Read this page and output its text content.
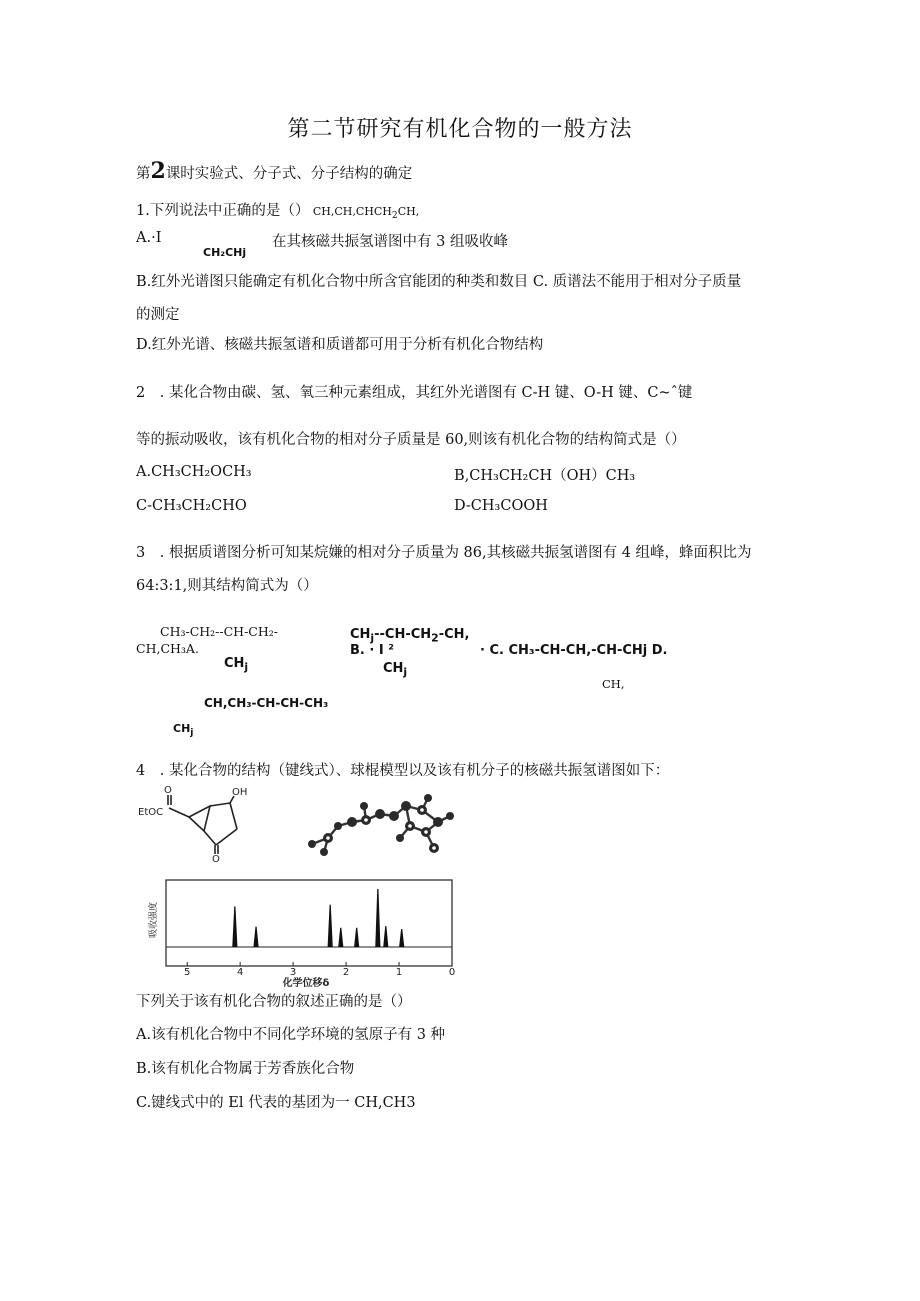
第二节研究有机化合物的一般方法
第2课时实验式、分子式、分子结构的确定
1.下列说法中正确的是（） $CH,CH,CHCH_2CH$,
A.·I
CH₂CHj
在其核磁共振氢谱图中有 3 组吸收峰
B.红外光谱图只能确定有机化合物中所含官能团的种类和数目 C. 质谱法不能用于相对分子质量
的测定
D.红外光谱、核磁共振氢谱和质谱都可用于分析有机化合物结构
2　. 某化合物由碳、氢、氧三种元素组成，其红外光谱图有 C-H 键、O-H 键、C~ˆ键
等的振动吸收，该有机化合物的相对分子质量是 60,则该有机化合物的结构简式是（）
A.CH₃CH₂OCH₃	B,CH₃CH₂CH（OH）CH₃
C-CH₃CH₂CHO	D-CH₃COOH
3　. 根据质谱图分析可知某烷嫌的相对分子质量为 86,其核磁共振氢谱图有 4 组峰，蜂面积比为
64:3:1,则其结构简式为（）
CH₃-CH₂--CH-CH₂-
CH,CH₃A.
$CH_j$
$CH_j--CH-CH_2-CH$,
B. · I ²
$CH_j$
· C. CH₃-CH-CH,-CH-CHj D.
CH,
CH,CH₃-CH-CH-CH₃
$CH_j$
4　. 某化合物的结构（键线式）、球棍模型以及该有机分子的核磁共振氢谱图如下：
O
EtOC
OH
O
吸收强度
5	4	3	2	1	0
化学位移δ
下列关于该有机化合物的叙述正确的是（）
A.该有机化合物中不同化学环境的氢原子有 3 种
B.该有机化合物属于芳香族化合物
C.键线式中的 El 代表的基团为一 CH,CH3
